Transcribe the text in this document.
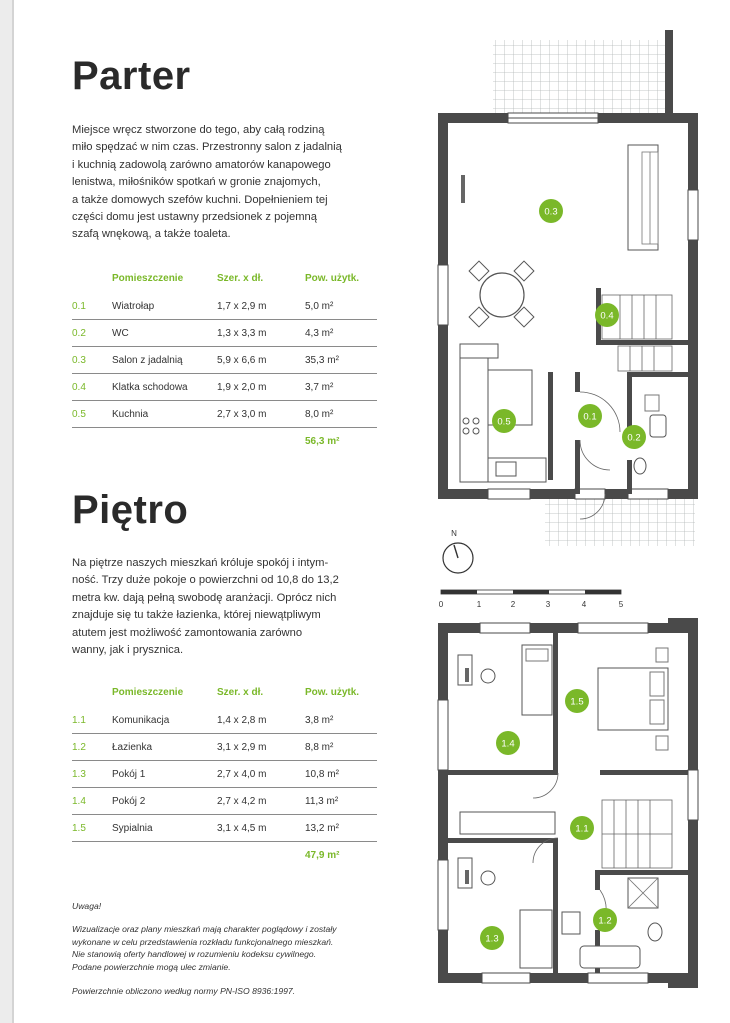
Parter

Miejsce wręcz stworzone do tego, aby całą rodziną
miło spędzać w nim czas. Przestronny salon z jadalnią
i kuchnią zadowolą zarówno amatorów kanapowego
lenistwa, miłośników spotkań w gronie znajomych,
a także domowych szefów kuchni. Dopełnieniem tej
części domu jest ustawny przedsionek z pojemną
szafą wnękową, a także toaleta.

	Pomieszczenie	Szer. x dł.	Pow. użytk.
0.1	Wiatrołap	1,7 x 2,9 m	5,0 m²
0.2	WC	1,3 x 3,3 m	4,3 m²
0.3	Salon z jadalnią	5,9 x 6,6 m	35,3 m²
0.4	Klatka schodowa	1,9 x 2,0 m	3,7 m²
0.5	Kuchnia	2,7 x 3,0 m	8,0 m²
			56,3 m²
Piętro

Na piętrze naszych mieszkań króluje spokój i intym-
ność. Trzy duże pokoje o powierzchni od 10,8 do 13,2
metra kw. dają pełną swobodę aranżacji. Oprócz nich
znajduje się tu także łazienka, której niewątpliwym
atutem jest możliwość zamontowania zarówno
wanny, jak i prysznica.

	Pomieszczenie	Szer. x dł.	Pow. użytk.
1.1	Komunikacja	1,4 x 2,8 m	3,8 m²
1.2	Łazienka	3,1 x 2,9 m	8,8 m²
1.3	Pokój 1	2,7 x 4,0 m	10,8 m²
1.4	Pokój 2	2,7 x 4,2 m	11,3 m²
1.5	Sypialnia	3,1 x 4,5 m	13,2 m²
			47,9 m²

Uwaga!

Wizualizacje oraz plany mieszkań mają charakter poglądowy i zostały
wykonane w celu przedstawienia rozkładu funkcjonalnego mieszkań.
Nie stanowią oferty handlowej w rozumieniu kodeksu cywilnego.
Podane powierzchnie mogą ulec zmianie.

Powierzchnie obliczono według normy PN-ISO 8936:1997.

0.3
0.4
0.5	0.1
0.2
N
0	1	2	3	4	5
1.5
1.4
1.1
1.2
1.3
